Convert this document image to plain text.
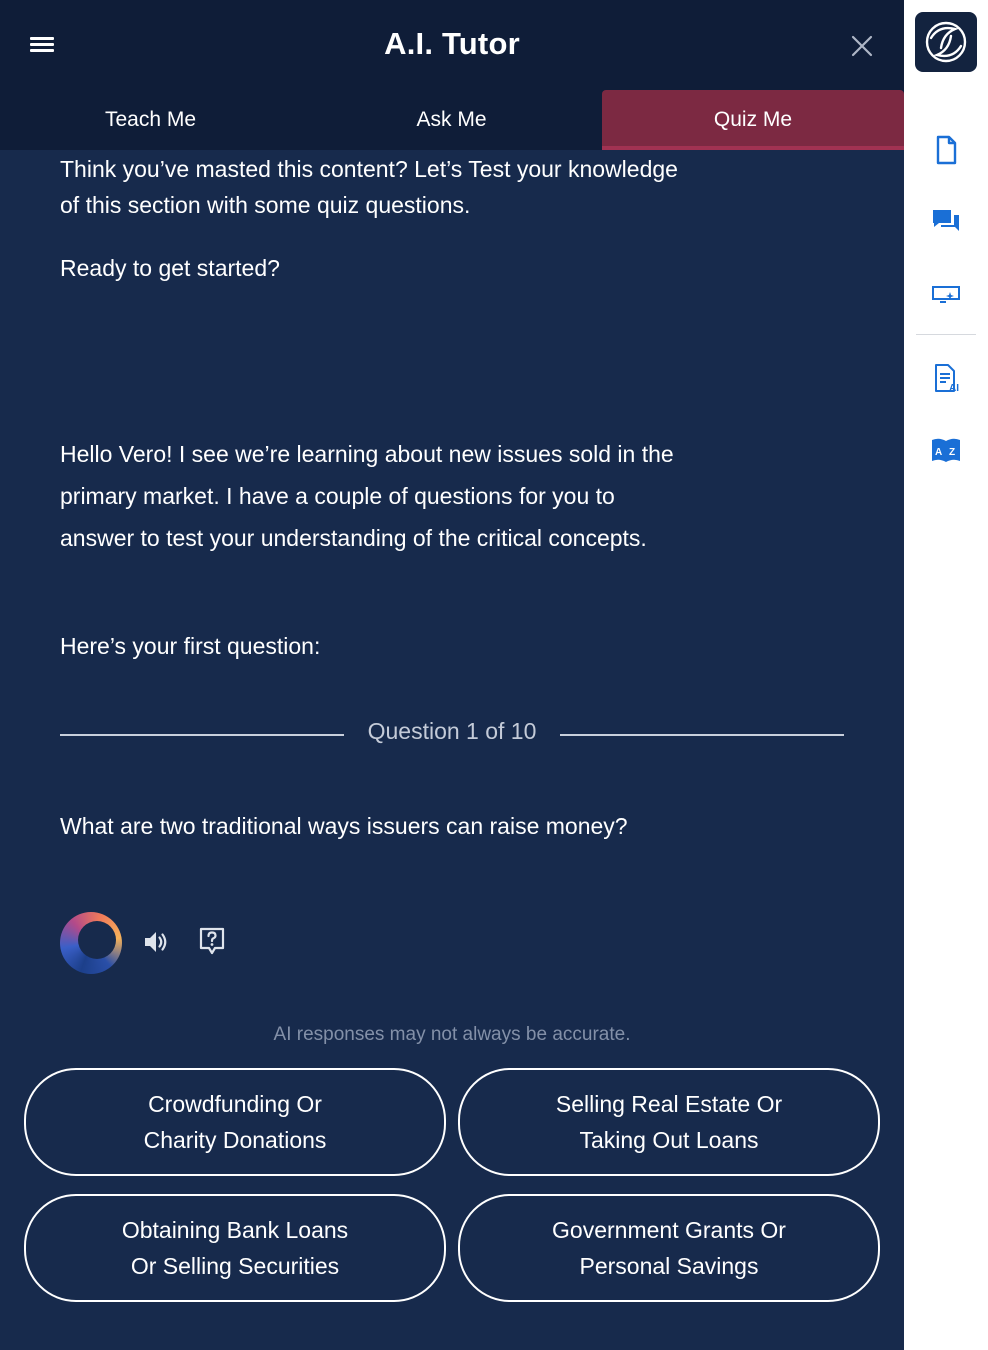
A.I. Tutor
Teach Me	Ask Me	Quiz Me
Think you’ve masted this content? Let’s Test your knowledge of this section with some quiz questions.
Ready to get started?
Hello Vero! I see we’re learning about new issues sold in the primary market. I have a couple of questions for you to answer to test your understanding of the critical concepts.
Here’s your first question:
Question 1 of 10
What are two traditional ways issuers can raise money?
AI responses may not always be accurate.
Crowdfunding Or
Charity Donations
Selling Real Estate Or
Taking Out Loans
Obtaining Bank Loans
Or Selling Securities
Government Grants Or
Personal Savings
AI
A Z
